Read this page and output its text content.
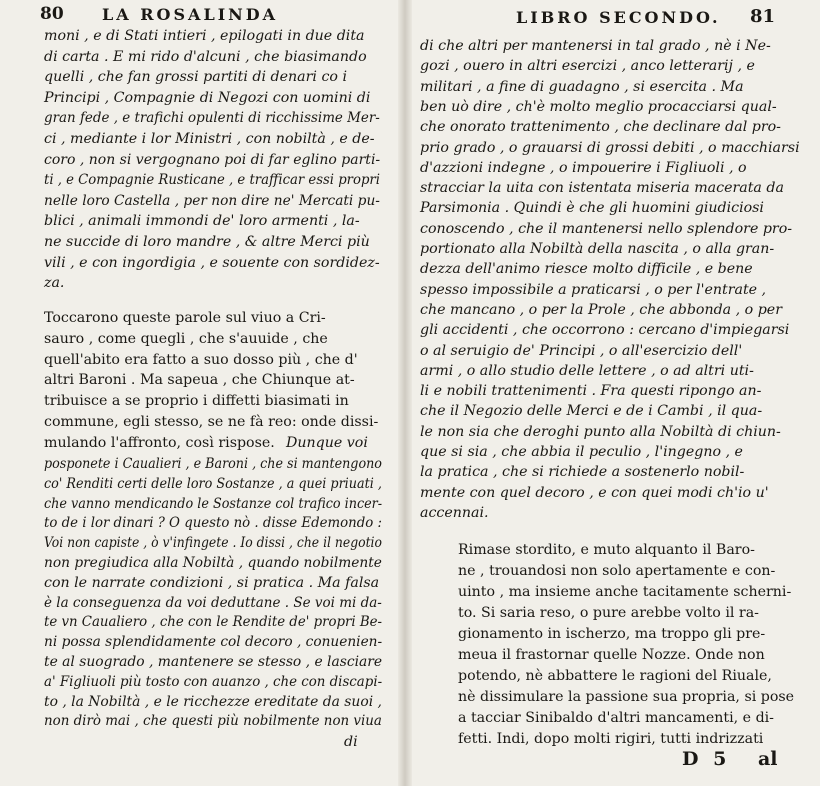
80 LA ROSALINDA
moni , e di Stati intieri , epilogati in due dita
di carta . E mi rido d'alcuni , che biasimando
quelli , che fan grossi partiti di denari co i
Principi , Compagnie di Negozi con uomini di
gran fede , e trafichi opulenti di ricchissime Mer-
ci , mediante i lor Ministri , con nobiltà , e de-
coro , non si vergognano poi di far eglino parti-
ti , e Compagnie Rusticane , e trafficar essi propri
nelle loro Castella , per non dire ne' Mercati pu-
blici , animali immondi de' loro armenti , la-
ne succide di loro mandre , & altre Merci più
vili , e con ingordigia , e souente con sordidez-
za.
Toccarono queste parole sul viuo a Cri-
sauro , come quegli , che s'auuide , che
quell'abito era fatto a suo dosso più , che d'
altri Baroni . Ma sapeua , che Chiunque at-
tribuisce a se proprio i diffetti biasimati in
commune, egli stesso, se ne fà reo: onde dissi-
mulando l'affronto, così rispose. Dunque voi
posponete i Caualieri , e Baroni , che si mantengono
co' Renditi certi delle loro Sostanze , a quei priuati ,
che vanno mendicando le Sostanze col trafico incer-
to de i lor dinari ? O questo nò . disse Edemondo :
Voi non capiste , ò v'infingete . Io dissi , che il negotio
non pregiudica alla Nobiltà , quando nobilmente
con le narrate condizioni , si pratica . Ma falsa
è la conseguenza da voi deduttane . Se voi mi da-
te vn Caualiero , che con le Rendite de' propri Be-
ni possa splendidamente col decoro , conuenien-
te al suogrado , mantenere se stesso , e lasciare
a' Figliuoli più tosto con auanzo , che con discapi-
to , la Nobiltà , e le ricchezze ereditate da suoi ,
non dirò mai , che questi più nobilmente non viua
di
LIBRO SECONDO. 81
di che altri per mantenersi in tal grado , nè i Ne-
gozi , ouero in altri esercizi , anco letterarij , e
militari , a fine di guadagno , si esercita . Ma
ben uò dire , ch'è molto meglio procacciarsi qual-
che onorato trattenimento , che declinare dal pro-
prio grado , o grauarsi di grossi debiti , o macchiarsi
d'azzioni indegne , o impouerire i Figliuoli , o
stracciar la uita con istentata miseria macerata da
Parsimonia . Quindi è che gli huomini giudiciosi
conoscendo , che il mantenersi nello splendore pro-
portionato alla Nobiltà della nascita , o alla gran-
dezza dell'animo riesce molto difficile , e bene
spesso impossibile a praticarsi , o per l'entrate ,
che mancano , o per la Prole , che abbonda , o per
gli accidenti , che occorrono : cercano d'impiegarsi
o al seruigio de' Principi , o all'esercizio dell'
armi , o allo studio delle lettere , o ad altri uti-
li e nobili trattenimenti . Fra questi ripongo an-
che il Negozio delle Merci e de i Cambi , il qua-
le non sia che deroghi punto alla Nobiltà di chiun-
que si sia , che abbia il peculio , l'ingegno , e
la pratica , che si richiede a sostenerlo nobil-
mente con quel decoro , e con quei modi ch'io u'
accennai.
Rimase stordito, e muto alquanto il Baro-
ne , trouandosi non solo apertamente e con-
uinto , ma insieme anche tacitamente scherni-
to. Si saria reso, o pure arebbe volto il ra-
gionamento in ischerzo, ma troppo gli pre-
meua il frastornar quelle Nozze. Onde non
potendo, nè abbattere le ragioni del Riuale,
nè dissimulare la passione sua propria, si pose
a tacciar Sinibaldo d'altri mancamenti, e di-
fetti. Indi, dopo molti rigiri, tutti indrizzati
D 5 al
